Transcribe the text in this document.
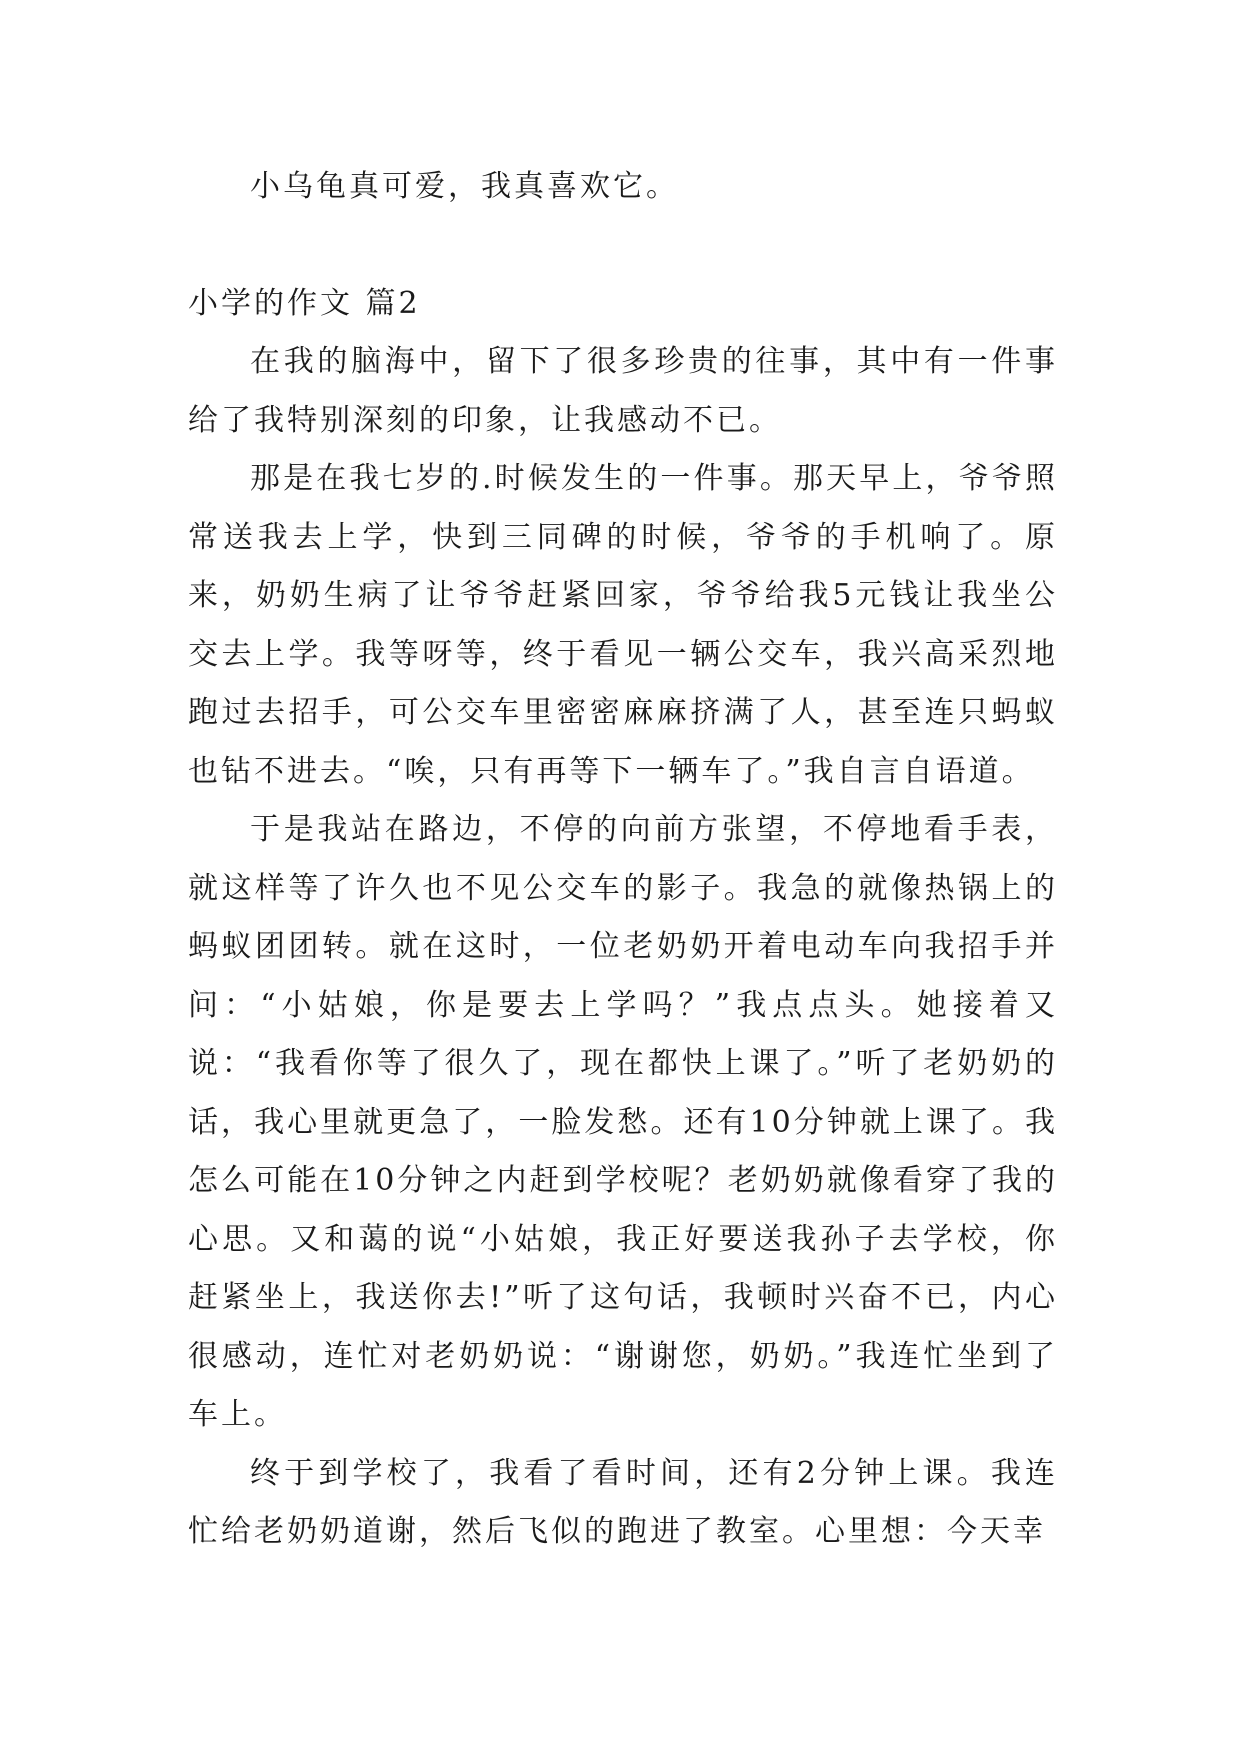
小乌龟真可爱，我真喜欢它。

小学的作文 篇2

在我的脑海中，留下了很多珍贵的往事，其中有一件事给了我特别深刻的印象，让我感动不已。

那是在我七岁的.时候发生的一件事。那天早上，爷爷照常送我去上学，快到三同碑的时候，爷爷的手机响了。原来，奶奶生病了让爷爷赶紧回家，爷爷给我5元钱让我坐公交去上学。我等呀等，终于看见一辆公交车，我兴高采烈地跑过去招手，可公交车里密密麻麻挤满了人，甚至连只蚂蚁也钻不进去。“唉，只有再等下一辆车了。”我自言自语道。

于是我站在路边，不停的向前方张望，不停地看手表，就这样等了许久也不见公交车的影子。我急的就像热锅上的蚂蚁团团转。就在这时，一位老奶奶开着电动车向我招手并问：“小姑娘，你是要去上学吗？”我点点头。她接着又说：“我看你等了很久了，现在都快上课了。”听了老奶奶的话，我心里就更急了，一脸发愁。还有10分钟就上课了。我怎么可能在10分钟之内赶到学校呢？老奶奶就像看穿了我的心思。又和蔼的说“小姑娘，我正好要送我孙子去学校，你赶紧坐上，我送你去!”听了这句话，我顿时兴奋不已，内心很感动，连忙对老奶奶说：“谢谢您，奶奶。”我连忙坐到了车上。

终于到学校了，我看了看时间，还有2分钟上课。我连忙给老奶奶道谢，然后飞似的跑进了教室。心里想：今天幸
